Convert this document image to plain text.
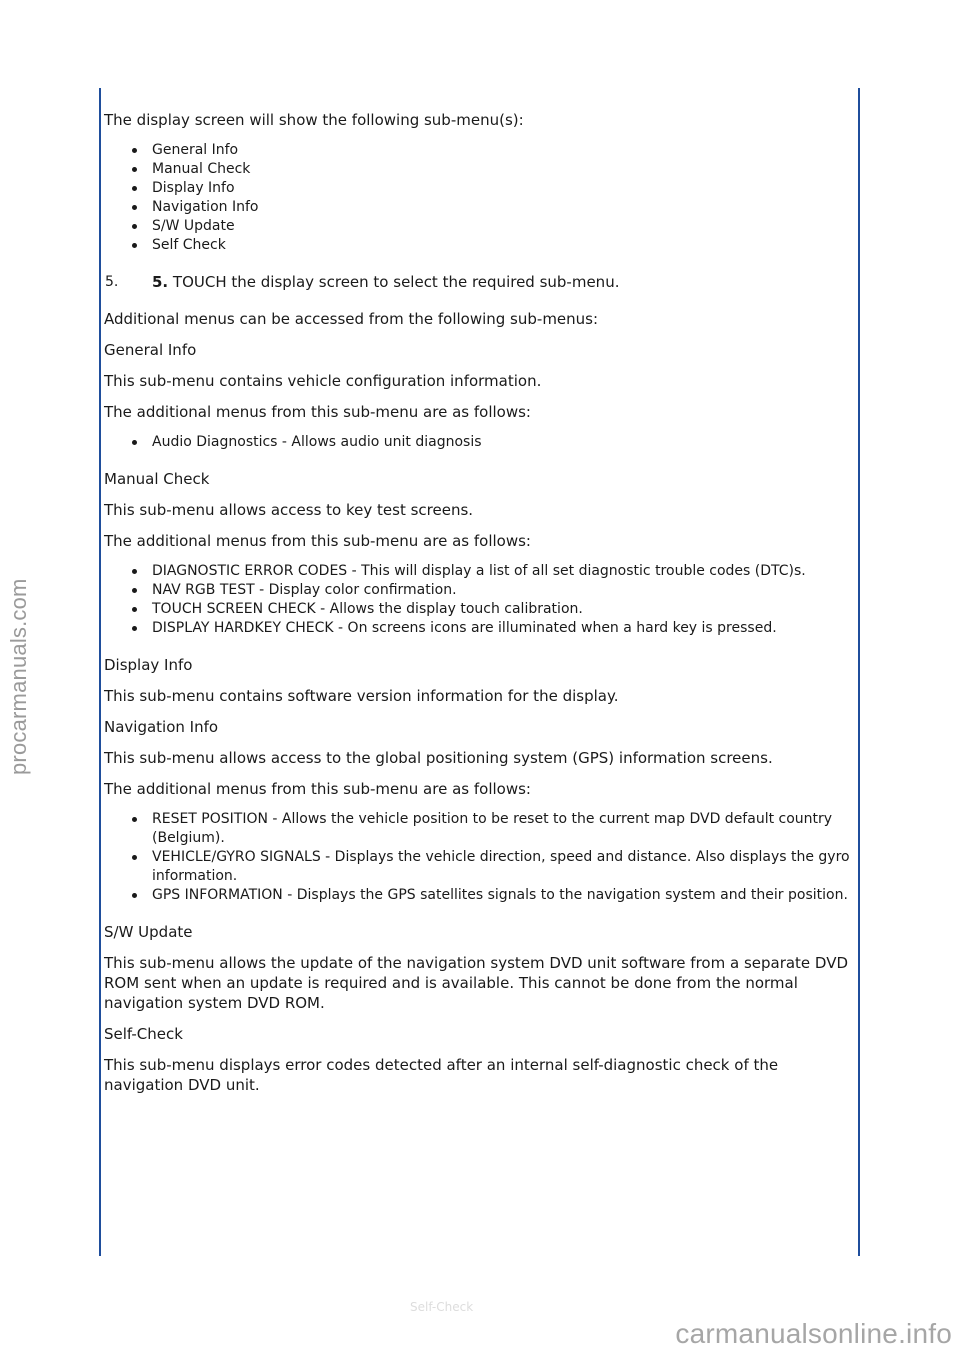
procarmanuals.com

The display screen will show the following sub-menu(s):

General Info
Manual Check
Display Info
Navigation Info
S/W Update
Self Check
5. 5. TOUCH the display screen to select the required sub-menu.

Additional menus can be accessed from the following sub-menus:

General Info

This sub-menu contains vehicle configuration information.

The additional menus from this sub-menu are as follows:

Audio Diagnostics - Allows audio unit diagnosis

Manual Check

This sub-menu allows access to key test screens.

The additional menus from this sub-menu are as follows:

DIAGNOSTIC ERROR CODES - This will display a list of all set diagnostic trouble codes (DTC)s.
NAV RGB TEST - Display color confirmation.
TOUCH SCREEN CHECK - Allows the display touch calibration.
DISPLAY HARDKEY CHECK - On screens icons are illuminated when a hard key is pressed.

Display Info

This sub-menu contains software version information for the display.

Navigation Info

This sub-menu allows access to the global positioning system (GPS) information screens.

The additional menus from this sub-menu are as follows:

RESET POSITION - Allows the vehicle position to be reset to the current map DVD default country (Belgium).
VEHICLE/GYRO SIGNALS - Displays the vehicle direction, speed and distance. Also displays the gyro information.
GPS INFORMATION - Displays the GPS satellites signals to the navigation system and their position.

S/W Update

This sub-menu allows the update of the navigation system DVD unit software from a separate DVD ROM sent when an update is required and is available. This cannot be done from the normal navigation system DVD ROM.

Self-Check

This sub-menu displays error codes detected after an internal self-diagnostic check of the navigation DVD unit.

Self-Check
carmanualsonline.info
